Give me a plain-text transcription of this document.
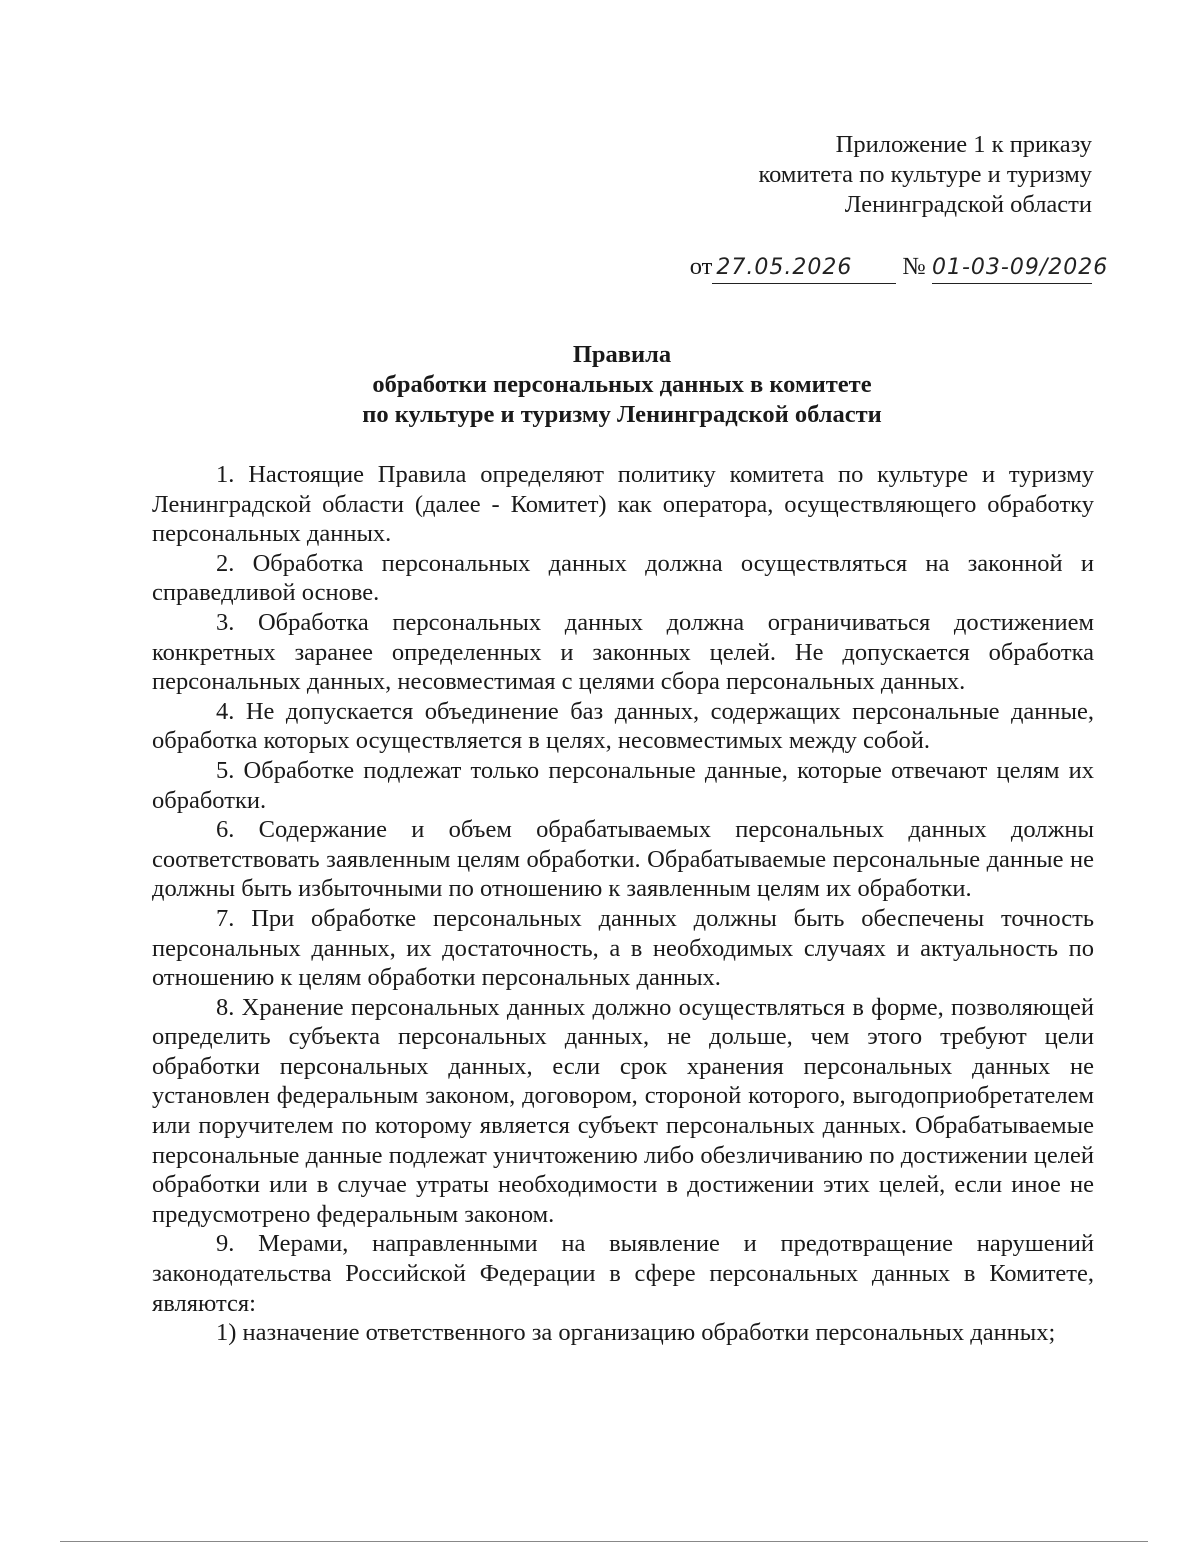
Приложение 1 к приказу
комитета по культуре и туризму
Ленинградской области
от 27.05.2026 № 01-03-09/2026
Правила
обработки персональных данных в комитете
по культуре и туризму Ленинградской области

1. Настоящие Правила определяют политику комитета по культуре и туризму Ленинградской области (далее - Комитет) как оператора, осуществляющего обработку персональных данных.

2. Обработка персональных данных должна осуществляться на законной и справедливой основе.

3. Обработка персональных данных должна ограничиваться достижением конкретных заранее определенных и законных целей. Не допускается обработка персональных данных, несовместимая с целями сбора персональных данных.

4. Не допускается объединение баз данных, содержащих персональные данные, обработка которых осуществляется в целях, несовместимых между собой.

5. Обработке подлежат только персональные данные, которые отвечают целям их обработки.

6. Содержание и объем обрабатываемых персональных данных должны соответствовать заявленным целям обработки. Обрабатываемые персональные данные не должны быть избыточными по отношению к заявленным целям их обработки.

7. При обработке персональных данных должны быть обеспечены точность персональных данных, их достаточность, а в необходимых случаях и актуальность по отношению к целям обработки персональных данных.

8. Хранение персональных данных должно осуществляться в форме, позволяющей определить субъекта персональных данных, не дольше, чем этого требуют цели обработки персональных данных, если срок хранения персональных данных не установлен федеральным законом, договором, стороной которого, выгодоприобретателем или поручителем по которому является субъект персональных данных. Обрабатываемые персональные данные подлежат уничтожению либо обезличиванию по достижении целей обработки или в случае утраты необходимости в достижении этих целей, если иное не предусмотрено федеральным законом.

9. Мерами, направленными на выявление и предотвращение нарушений законодательства Российской Федерации в сфере персональных данных в Комитете, являются:

1) назначение ответственного за организацию обработки персональных данных;
